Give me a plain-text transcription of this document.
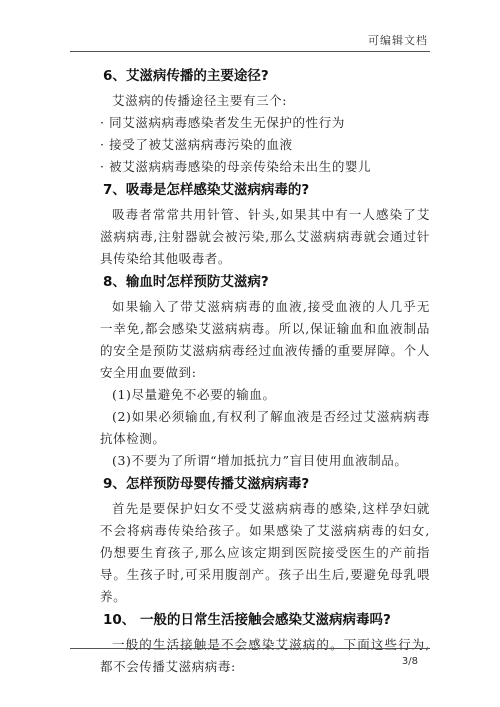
可编辑文档
6、艾滋病传播的主要途径?

艾滋病的传播途径主要有三个:

· 同艾滋病病毒感染者发生无保护的性行为

· 接受了被艾滋病病毒污染的血液

· 被艾滋病病毒感染的母亲传染给未出生的婴儿

7、吸毒是怎样感染艾滋病病毒的?

吸毒者常常共用针管、针头,如果其中有一人感染了艾滋病病毒,注射器就会被污染,那么艾滋病病毒就会通过针具传染给其他吸毒者。

8、输血时怎样预防艾滋病?

如果输入了带艾滋病病毒的血液,接受血液的人几乎无一幸免,都会感染艾滋病病毒。所以,保证输血和血液制品的安全是预防艾滋病病毒经过血液传播的重要屏障。个人安全用血要做到:

(1)尽量避免不必要的输血。

(2)如果必须输血,有权利了解血液是否经过艾滋病病毒抗体检测。

(3)不要为了所谓“增加抵抗力”盲目使用血液制品。

9、怎样预防母婴传播艾滋病病毒?

首先是要保护妇女不受艾滋病病毒的感染,这样孕妇就不会将病毒传染给孩子。如果感染了艾滋病病毒的妇女,仍想要生育孩子,那么应该定期到医院接受医生的产前指导。生孩子时,可采用腹剖产。孩子出生后,要避免母乳喂养。

10、 一般的日常生活接触会感染艾滋病病毒吗?

一般的生活接触是不会感染艾滋病的。下面这些行为,都不会传播艾滋病病毒:	3/8
